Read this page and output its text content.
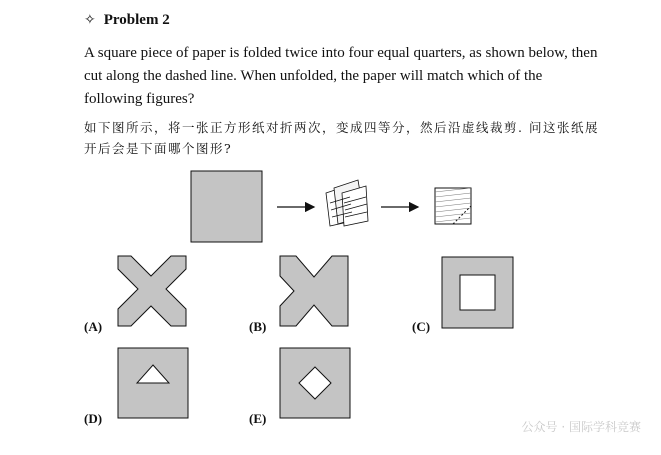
✧ Problem 2
A square piece of paper is folded twice into four equal quarters, as shown below, then cut along the dashed line. When unfolded, the paper will match which of the following figures?
如下图所示，将一张正方形纸对折两次，变成四等分，然后沿虚线裁剪. 问这张纸展开后会是下面哪个图形?
(A)	(B)	(C)
(D)	(E)
公众号 · 国际学科竞赛
